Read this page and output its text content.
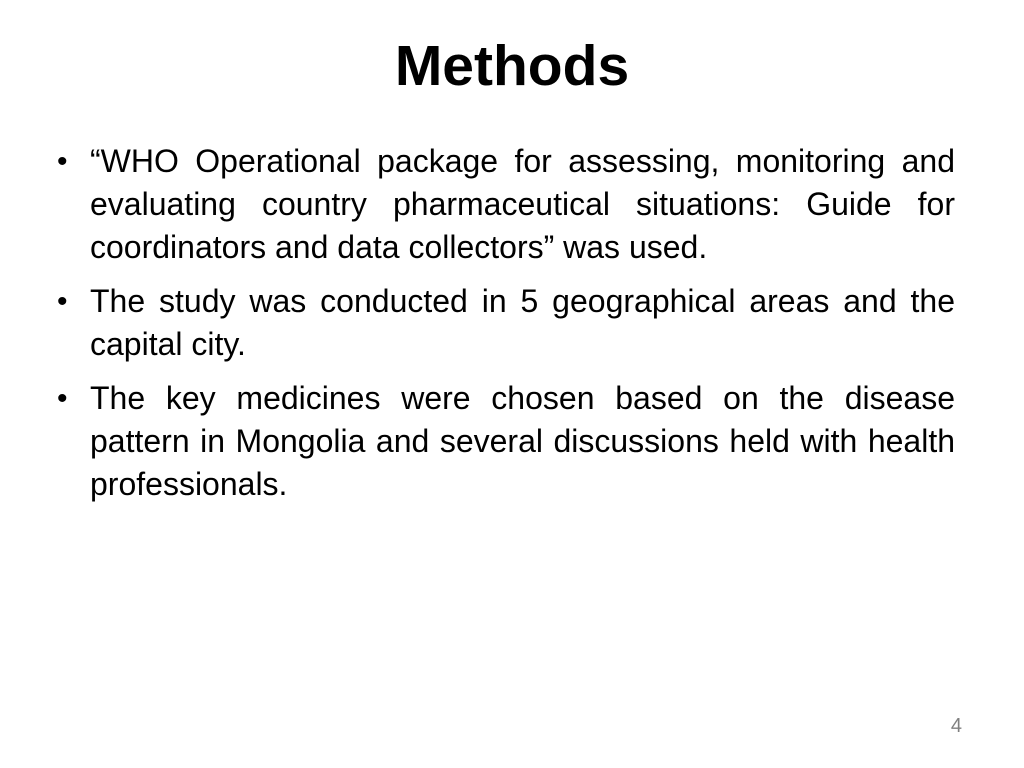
Methods
• “WHO Operational package for assessing, monitoring and evaluating country pharmaceutical situations: Guide for coordinators and data collectors” was used.
• The study was conducted in 5 geographical areas and the capital city.
• The key medicines were chosen based on the disease pattern in Mongolia and several discussions held with health professionals.
4
